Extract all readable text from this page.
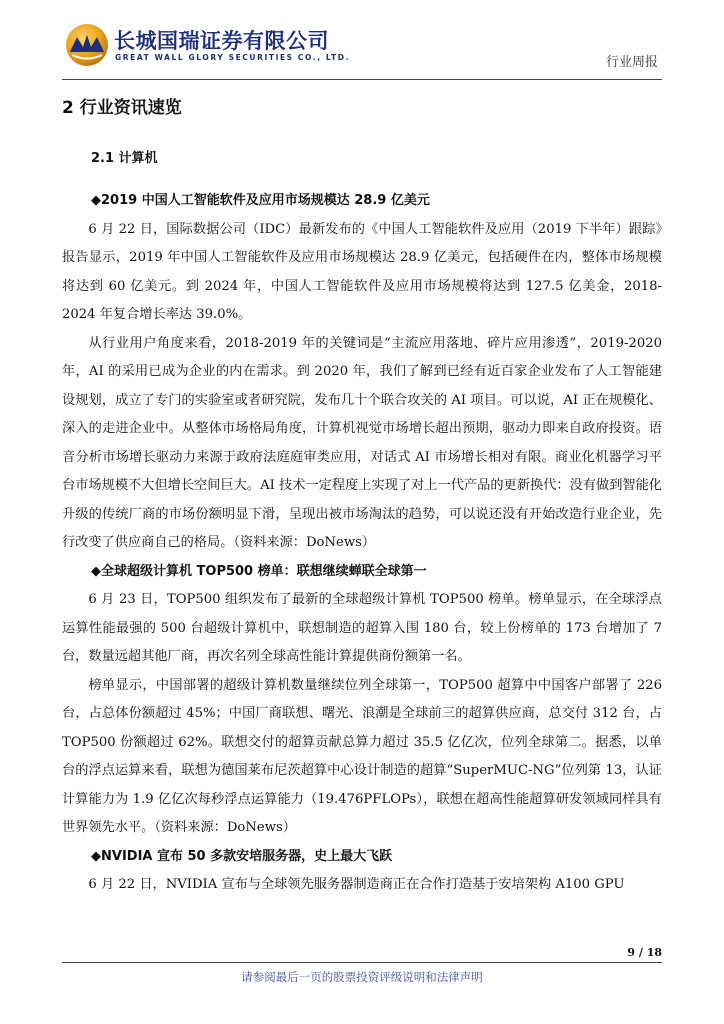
长城国瑞证券有限公司
GREAT WALL GLORY SECURITIES CO., LTD.	行业周报
2 行业资讯速览
2.1 计算机
◆2019 中国人工智能软件及应用市场规模达 28.9 亿美元

6 月 22 日，国际数据公司（IDC）最新发布的《中国人工智能软件及应用（2019 下半年）跟踪》报告显示，2019 年中国人工智能软件及应用市场规模达 28.9 亿美元，包括硬件在内，整体市场规模将达到 60 亿美元。到 2024 年，中国人工智能软件及应用市场规模将达到 127.5 亿美金，2018-2024 年复合增长率达 39.0%。

从行业用户角度来看，2018-2019 年的关键词是“主流应用落地、碎片应用渗透”，2019-2020 年，AI 的采用已成为企业的内在需求。到 2020 年，我们了解到已经有近百家企业发布了人工智能建设规划，成立了专门的实验室或者研究院，发布几十个联合攻关的 AI 项目。可以说，AI 正在规模化、深入的走进企业中。从整体市场格局角度，计算机视觉市场增长超出预期，驱动力即来自政府投资。语音分析市场增长驱动力来源于政府法庭庭审类应用，对话式 AI 市场增长相对有限。商业化机器学习平台市场规模不大但增长空间巨大。AI 技术一定程度上实现了对上一代产品的更新换代：没有做到智能化升级的传统厂商的市场份额明显下滑，呈现出被市场淘汰的趋势，可以说还没有开始改造行业企业，先行改变了供应商自己的格局。（资料来源：DoNews）

◆全球超级计算机 TOP500 榜单：联想继续蝉联全球第一

6 月 23 日，TOP500 组织发布了最新的全球超级计算机 TOP500 榜单。榜单显示，在全球浮点运算性能最强的 500 台超级计算机中，联想制造的超算入围 180 台，较上份榜单的 173 台增加了 7 台，数量远超其他厂商，再次名列全球高性能计算提供商份额第一名。

榜单显示，中国部署的超级计算机数量继续位列全球第一，TOP500 超算中中国客户部署了 226 台，占总体份额超过 45%；中国厂商联想、曙光、浪潮是全球前三的超算供应商，总交付 312 台，占 TOP500 份额超过 62%。联想交付的超算贡献总算力超过 35.5 亿亿次，位列全球第二。据悉，以单台的浮点运算来看，联想为德国莱布尼茨超算中心设计制造的超算“SuperMUC-NG”位列第 13，认证计算能力为 1.9 亿亿次每秒浮点运算能力（19.476PFLOPs），联想在超高性能超算研发领域同样具有世界领先水平。（资料来源：DoNews）

◆NVIDIA 宣布 50 多款安培服务器，史上最大飞跃

6 月 22 日，NVIDIA 宣布与全球领先服务器制造商正在合作打造基于安培架构 A100 GPU

9 / 18
请参阅最后一页的股票投资评级说明和法律声明
